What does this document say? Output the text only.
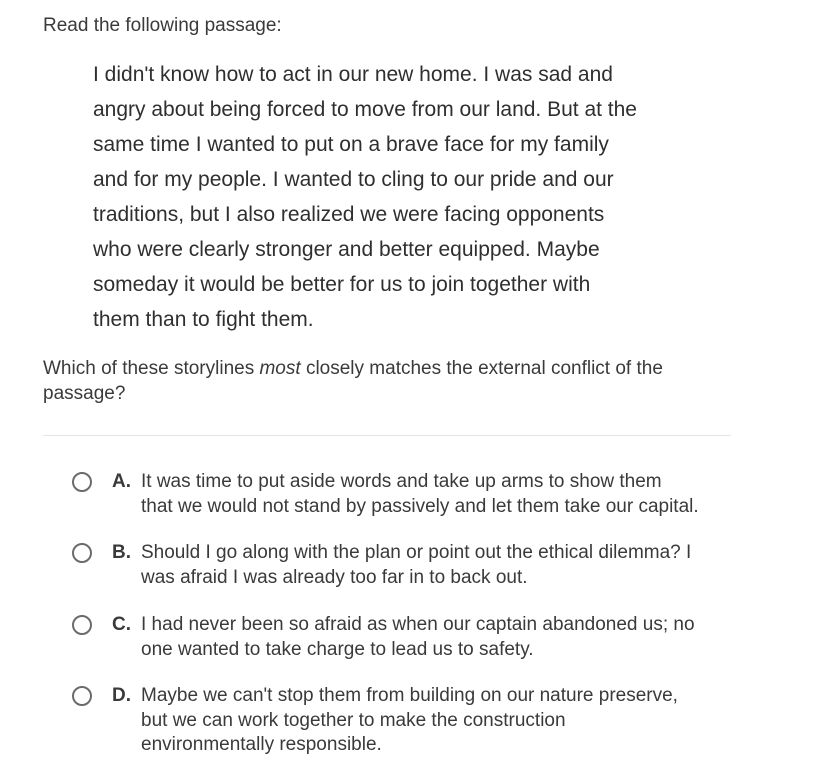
Read the following passage:
I didn't know how to act in our new home. I was sad and
angry about being forced to move from our land. But at the
same time I wanted to put on a brave face for my family
and for my people. I wanted to cling to our pride and our
traditions, but I also realized we were facing opponents
who were clearly stronger and better equipped. Maybe
someday it would be better for us to join together with
them than to fight them.
Which of these storylines most closely matches the external conflict of the
passage?
A. It was time to put aside words and take up arms to show them
that we would not stand by passively and let them take our capital.
B. Should I go along with the plan or point out the ethical dilemma? I
was afraid I was already too far in to back out.
C. I had never been so afraid as when our captain abandoned us; no
one wanted to take charge to lead us to safety.
D. Maybe we can't stop them from building on our nature preserve,
but we can work together to make the construction
environmentally responsible.
